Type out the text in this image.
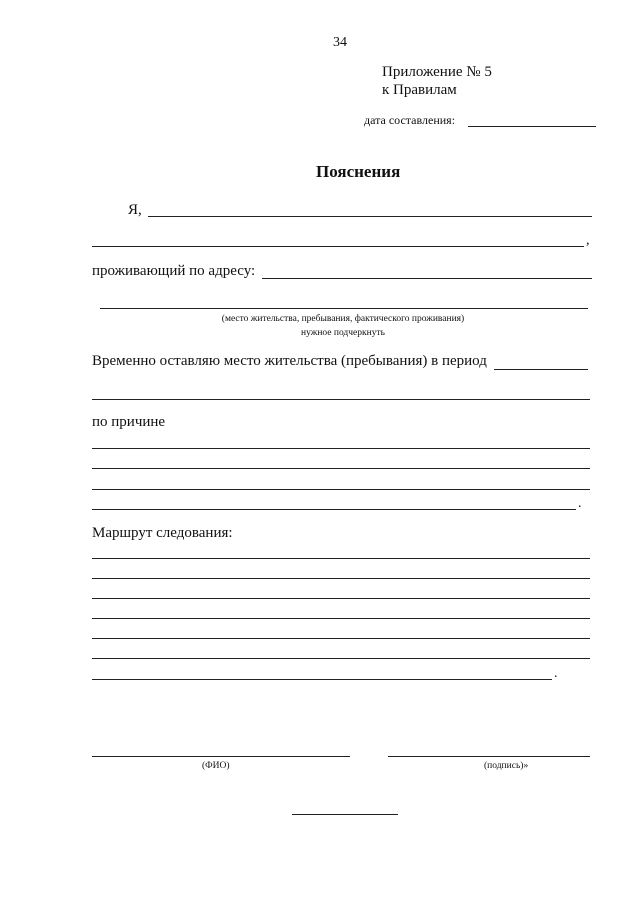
34
Приложение № 5
к Правилам
дата составления:
Пояснения
Я,
,
проживающий по адресу:
(место жительства, пребывания, фактического проживания)
нужное подчеркнуть
Временно оставляю место жительства (пребывания) в период
по причине
.
Маршрут следования:
.
(ФИО)	(подпись)»
